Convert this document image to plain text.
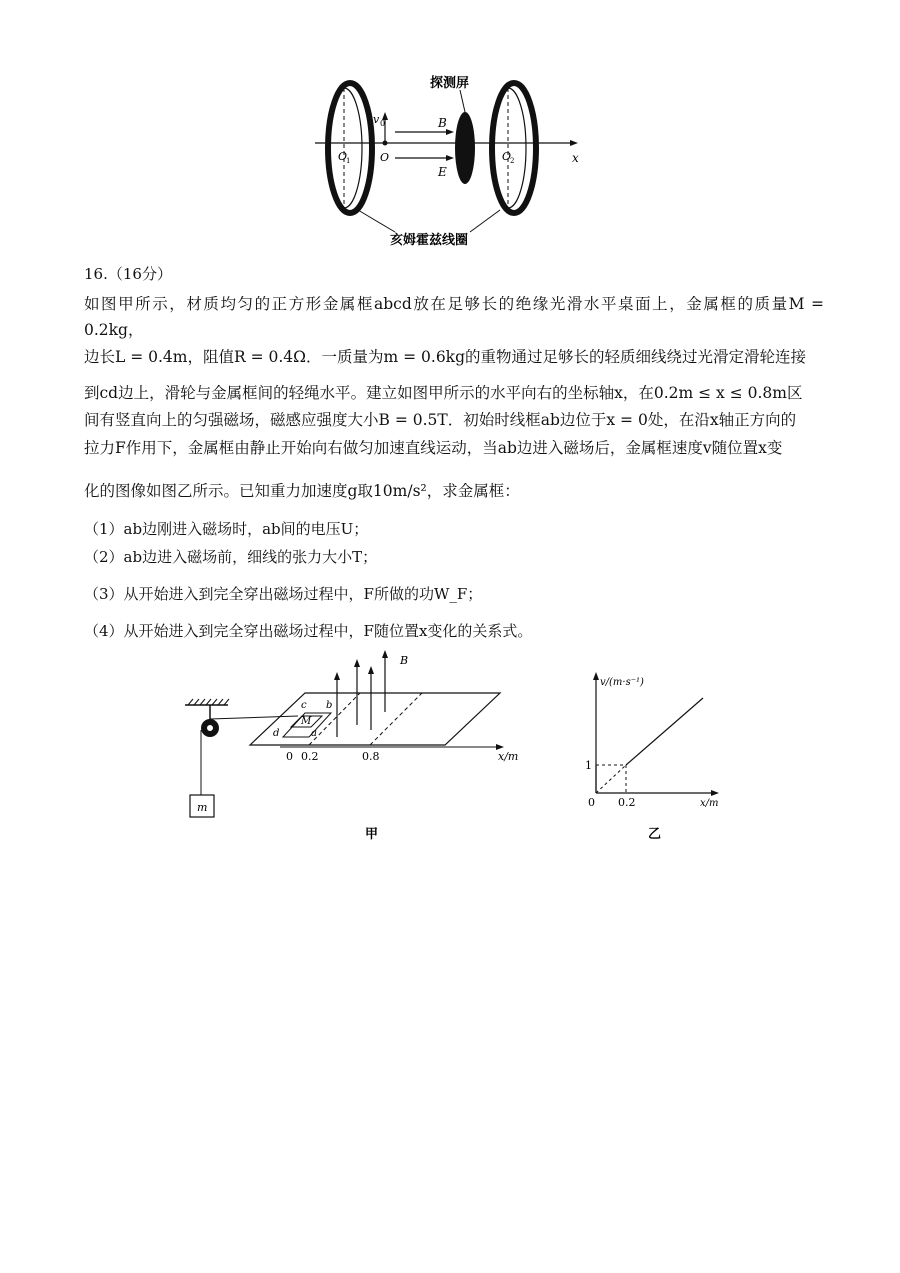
探测屏
v 0
O
1	O	O
2
B
E
x
亥姆霍兹线圈
16.（16分）
如图甲所示，材质均匀的正方形金属框abcd放在足够长的绝缘光滑水平桌面上，金属框的质量M = 0.2kg，
边长L = 0.4m，阻值R = 0.4Ω．一质量为m = 0.6kg的重物通过足够长的轻质细线绕过光滑定滑轮连接
到cd边上，滑轮与金属框间的轻绳水平。建立如图甲所示的水平向右的坐标轴x，在0.2m ≤ x ≤ 0.8m区
间有竖直向上的匀强磁场，磁感应强度大小B = 0.5T．初始时线框ab边位于x = 0处，在沿x轴正方向的
拉力F作用下，金属框由静止开始向右做匀加速直线运动，当ab边进入磁场后，金属框速度v随位置x变
化的图像如图乙所示。已知重力加速度g取10m/s²，求金属框：
（1）ab边刚进入磁场时，ab间的电压U；
（2）ab边进入磁场前，细线的张力大小T；
（3）从开始进入到完全穿出磁场过程中，F所做的功W_F；
（4）从开始进入到完全穿出磁场过程中，F随位置x变化的关系式。
m
c b
M
d	a
B
0 0.2	0.8	x/m
甲
v/(m·s⁻¹)
1
0 0.2	x/m
乙
